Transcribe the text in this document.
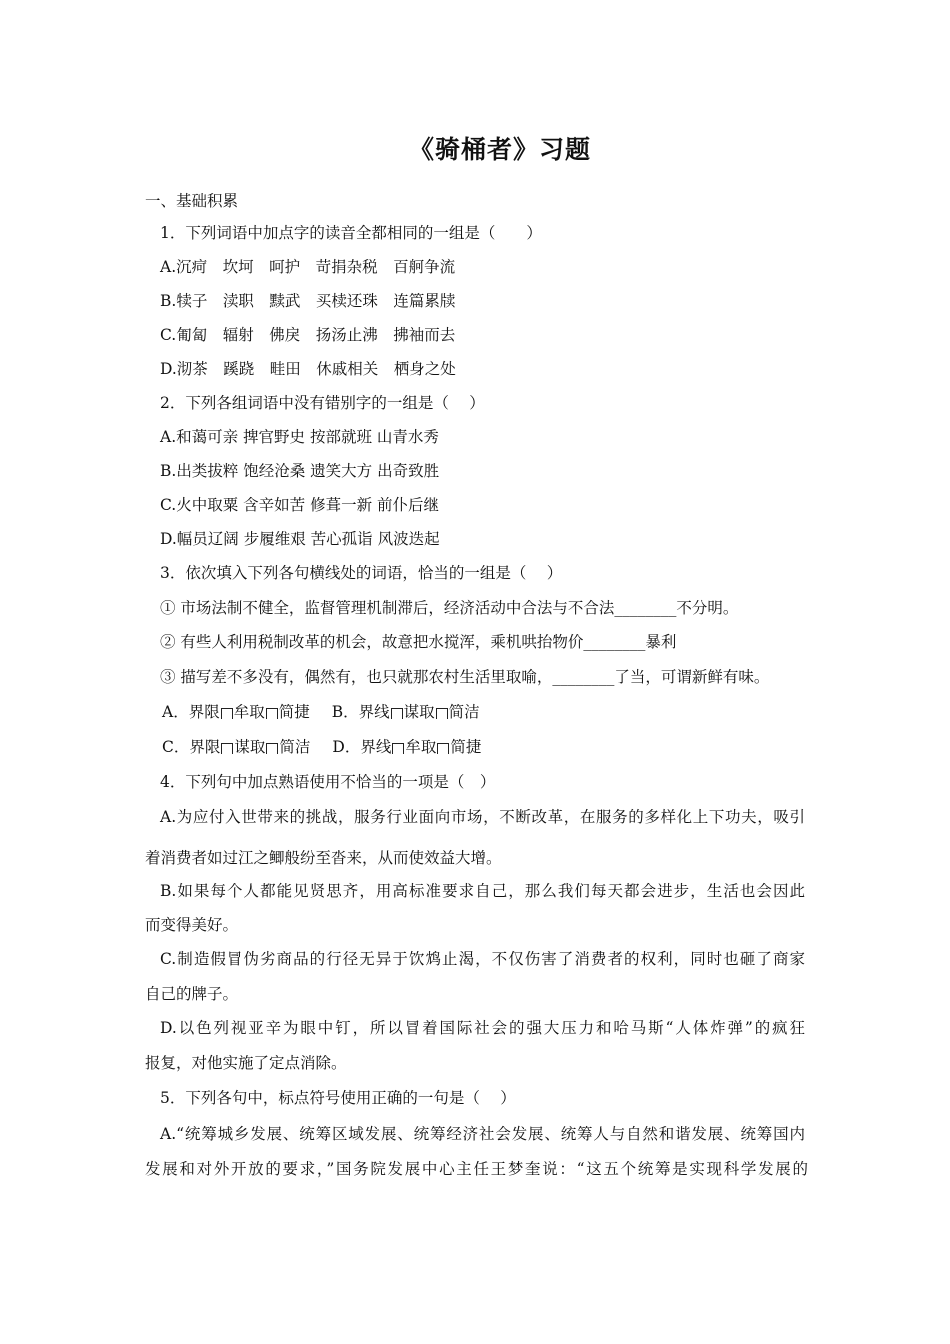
《骑桶者》习题
一、基础积累
1．下列词语中加点字的读音全都相同的一组是（　　）
A.沉疴　坎坷　呵护　苛捐杂税　百舸争流
B.犊子　渎职　黩武　买椟还珠　连篇累牍
C.匍匐　辐射　佛戾　扬汤止沸　拂袖而去
D.沏茶　蹊跷　畦田　休戚相关　栖身之处
2．下列各组词语中没有错别字的一组是（　 ）
A.和蔼可亲 捭官野史 按部就班 山青水秀
B.出类拔粹 饱经沧桑 遗笑大方 出奇致胜
C.火中取粟 含辛如苦 修葺一新 前仆后继
D.幅员辽阔 步履维艰 苦心孤诣 风波迭起
3．依次填入下列各句横线处的词语，恰当的一组是（　 ）
① 市场法制不健全，监督管理机制滞后，经济活动中合法与不合法________不分明。
② 有些人利用税制改革的机会，故意把水搅浑，乘机哄抬物价________暴利
③ 描写差不多没有，偶然有，也只就那农村生活里取喻，________了当，可谓新鲜有味。
A．界限 牟取 简捷 B．界线 谋取 简洁
C．界限 谋取 简洁 D．界线 牟取 简捷
4．下列句中加点熟语使用不恰当的一项是（　）
A.为应付入世带来的挑战，服务行业面向市场，不断改革，在服务的多样化上下功夫，吸引
着消费者如过江之鲫般纷至沓来，从而使效益大增。
B.如果每个人都能见贤思齐，用高标准要求自己，那么我们每天都会进步，生活也会因此
而变得美好。
C.制造假冒伪劣商品的行径无异于饮鸩止渴，不仅伤害了消费者的权利，同时也砸了商家
自己的牌子。
D.以色列视亚辛为眼中钉，所以冒着国际社会的强大压力和哈马斯“人体炸弹”的疯狂
报复，对他实施了定点消除。
5．下列各句中，标点符号使用正确的一句是（　 ）
A.“统筹城乡发展、统筹区域发展、统筹经济社会发展、统筹人与自然和谐发展、统筹国内
发展和对外开放的要求，”国务院发展中心主任王梦奎说：“这五个统筹是实现科学发展的
